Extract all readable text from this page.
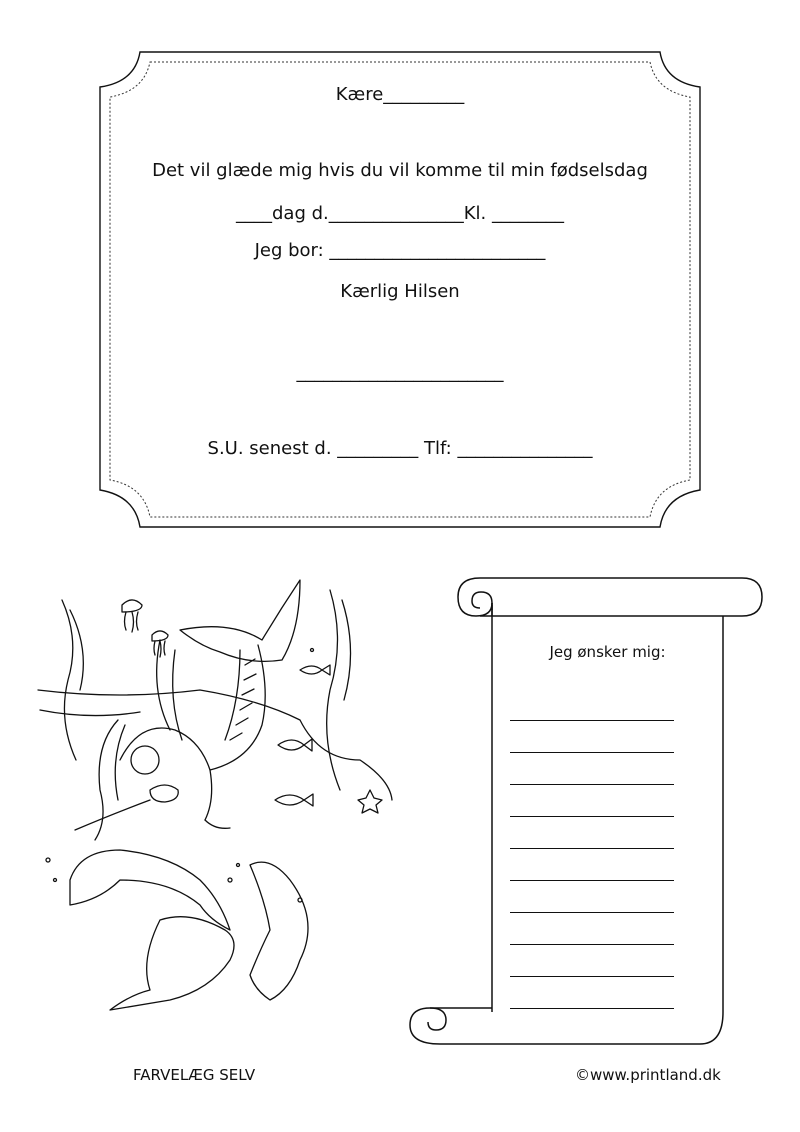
Kære_________
Det vil glæde mig hvis du vil komme til min fødselsdag
____dag d._______________Kl. ________
Jeg bor: ________________________
Kærlig Hilsen
_______________________
S.U. senest d. _________ Tlf: _______________
Jeg ønsker mig:
FARVELÆG SELV	©www.printland.dk
